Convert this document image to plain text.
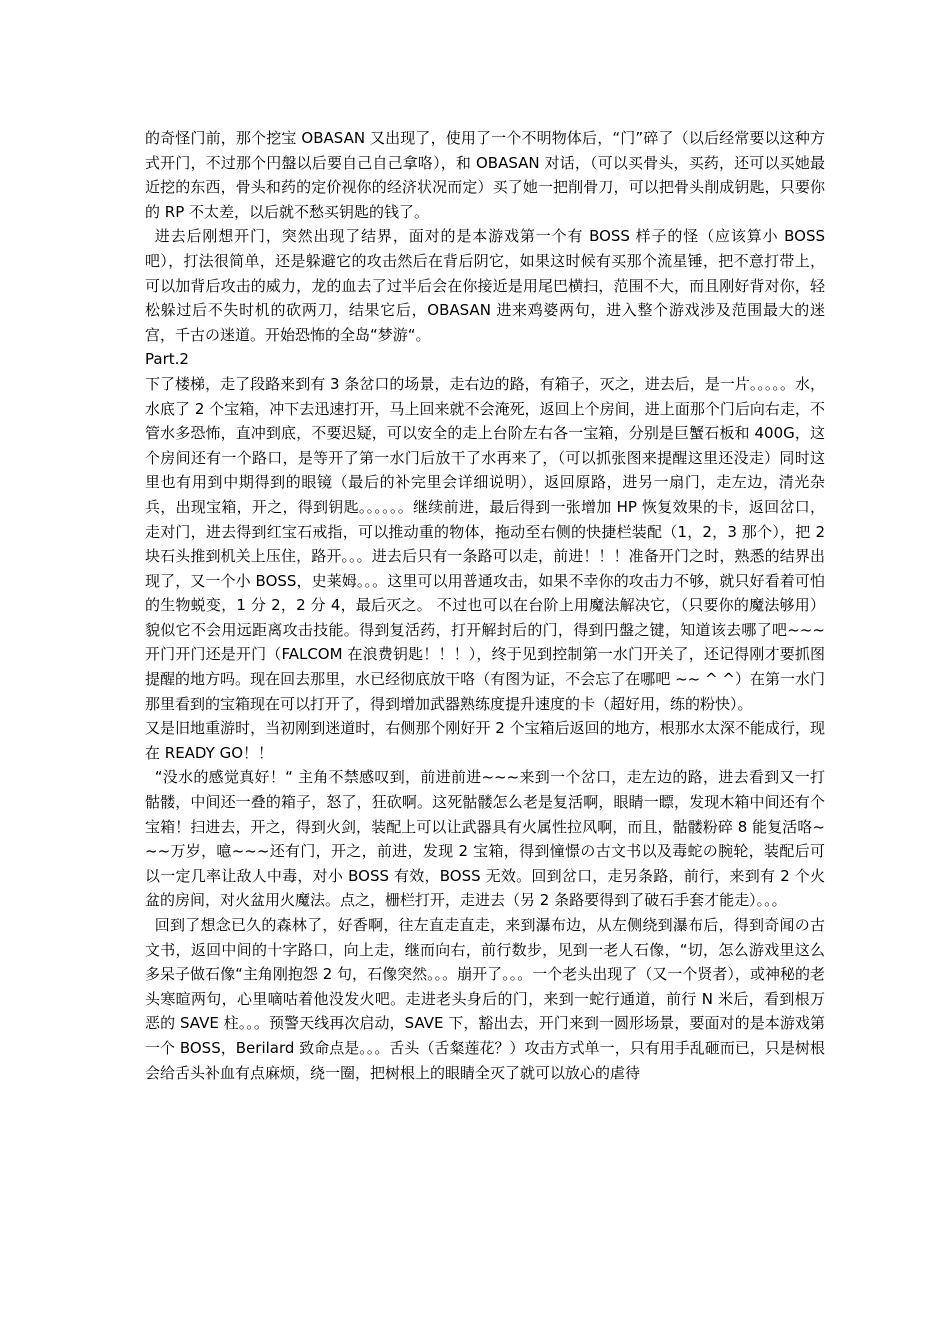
的奇怪门前，那个挖宝 OBASAN 又出现了，使用了一个不明物体后，“门”碎了（以后经常要以这种方式开门，不过那个円盤以后要自己自己拿咯），和 OBASAN 对话，（可以买骨头，买药，还可以买她最近挖的东西，骨头和药的定价视你的经济状况而定）买了她一把削骨刀，可以把骨头削成钥匙，只要你的 RP 不太差，以后就不愁买钥匙的钱了。

进去后刚想开门，突然出现了结界，面对的是本游戏第一个有 BOSS 样子的怪（应该算小 BOSS 吧），打法很简单，还是躲避它的攻击然后在背后阴它，如果这时候有买那个流星锤，把不意打带上，可以加背后攻击的威力，龙的血去了过半后会在你接近是用尾巴横扫，范围不大，而且刚好背对你，轻松躲过后不失时机的砍两刀，结果它后，OBASAN 进来鸡婆两句，进入整个游戏涉及范围最大的迷宫，千古の迷道。开始恐怖的全岛“梦游“。

Part.2

下了楼梯，走了段路来到有 3 条岔口的场景，走右边的路，有箱子，灭之，进去后，是一片。。。。。水，水底了 2 个宝箱，冲下去迅速打开，马上回来就不会淹死，返回上个房间，进上面那个门后向右走，不管水多恐怖，直冲到底，不要迟疑，可以安全的走上台阶左右各一宝箱，分别是巨蟹石板和 400G，这个房间还有一个路口，是等开了第一水门后放干了水再来了，（可以抓张图来提醒这里还没走）同时这里也有用到中期得到的眼镜（最后的补完里会详细说明），返回原路，进另一扇门，走左边，清光杂兵，出现宝箱，开之，得到钥匙。。。。。。继续前进，最后得到一张增加 HP 恢复效果的卡，返回岔口，走对门，进去得到红宝石戒指，可以推动重的物体，拖动至右侧的快捷栏装配（1，2，3 那个），把 2 块石头推到机关上压住，路开。。。进去后只有一条路可以走，前进！！！准备开门之时，熟悉的结界出现了，又一个小 BOSS，史莱姆。。。这里可以用普通攻击，如果不幸你的攻击力不够，就只好看着可怕的生物蜕变，1 分 2，2 分 4，最后灭之。 不过也可以在台阶上用魔法解决它，（只要你的魔法够用）貌似它不会用远距离攻击技能。得到复活药，打开解封后的门，得到円盤之键，知道该去哪了吧~~~开门开门还是开门（FALCOM 在浪费钥匙！！！），终于见到控制第一水门开关了，还记得刚才要抓图提醒的地方吗。现在回去那里，水已经彻底放干咯（有图为证，不会忘了在哪吧 ~~ ^ ^）在第一水门那里看到的宝箱现在可以打开了，得到增加武器熟练度提升速度的卡（超好用，练的粉快）。

又是旧地重游时，当初刚到迷道时，右侧那个刚好开 2 个宝箱后返回的地方，根那水太深不能成行，现在 READY GO！！

“没水的感觉真好！“ 主角不禁感叹到，前进前进~~~来到一个岔口，走左边的路，进去看到又一打骷髅，中间还一叠的箱子，怒了，狂砍啊。这死骷髅怎么老是复活啊，眼睛一瞟，发现木箱中间还有个宝箱！扫进去，开之，得到火剑，装配上可以让武器具有火属性拉风啊，而且，骷髅粉碎 8 能复活咯~~~万岁，噫~~~还有门，开之，前进，发现 2 宝箱，得到憧憬の古文书以及毒蛇の腕轮，装配后可以一定几率让敌人中毒，对小 BOSS 有效，BOSS 无效。回到岔口，走另条路，前行，来到有 2 个火盆的房间，对火盆用火魔法。点之，栅栏打开，走进去（另 2 条路要得到了破石手套才能走）。。。

回到了想念已久的森林了，好香啊，往左直走直走，来到瀑布边，从左侧绕到瀑布后，得到奇闻の古文书，返回中间的十字路口，向上走，继而向右，前行数步，见到一老人石像，“切，怎么游戏里这么多呆子做石像“主角刚抱怨 2 句，石像突然。。。崩开了。。。一个老头出现了（又一个贤者），或神秘的老头寒暄两句，心里嘀咕着他没发火吧。走进老头身后的门，来到一蛇行通道，前行 N 米后，看到根万恶的 SAVE 柱。。。预警天线再次启动，SAVE 下，豁出去，开门来到一圆形场景，要面对的是本游戏第一个 BOSS，Berilard 致命点是。。。舌头（舌粲莲花？）攻击方式单一，只有用手乱砸而已，只是树根会给舌头补血有点麻烦，绕一圈，把树根上的眼睛全灭了就可以放心的虐待
